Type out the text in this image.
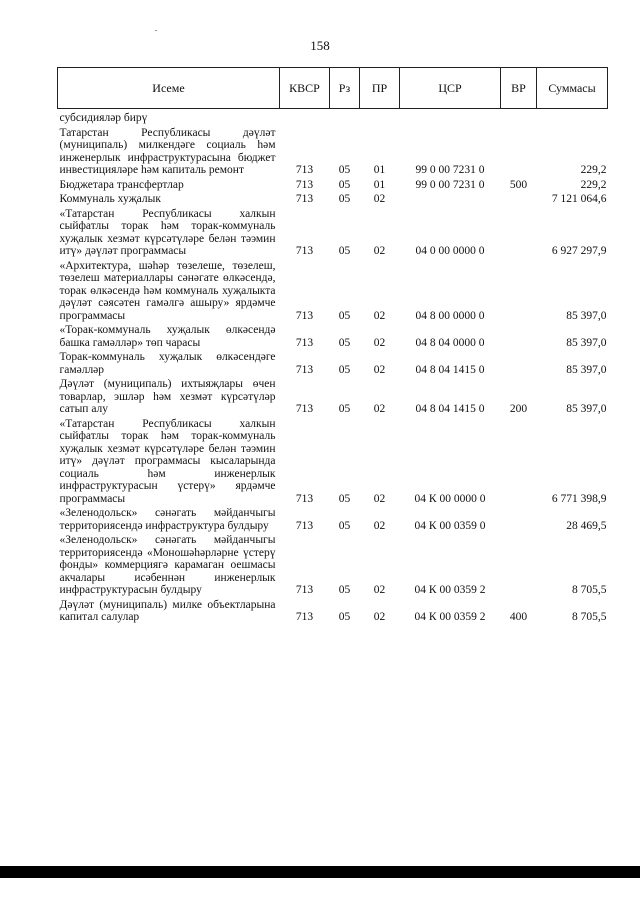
158
Исеме	КВСР	Рз	ПР	ЦСР	ВР	Суммасы
субсидияләр бирү						
Татарстан Республикасы дәүләт (муниципаль) милкендәге социаль һәм инженерлык инфраструктурасына бюджет инвестицияләре һәм капиталь ремонт	713	05	01	99 0 00 7231 0		229,2
Бюджетара трансфертлар	713	05	01	99 0 00 7231 0	500	229,2
Коммуналь хуҗалык	713	05	02			7 121 064,6
«Татарстан Республикасы халкын сыйфатлы торак һәм торак-коммуналь хуҗалык хезмәт күрсәтүләре белән тәэмин итү» дәүләт программасы	713	05	02	04 0 00 0000 0		6 927 297,9
«Архитектура, шәһәр төзелеше, төзелеш, төзелеш материаллары сәнәгате өлкәсендә, торак өлкәсендә һәм коммуналь хуҗалыкта дәүләт сәясәтен гамәлгә ашыру» ярдәмче программасы	713	05	02	04 8 00 0000 0		85 397,0
«Торак-коммуналь хуҗалык өлкәсендә башка гамәлләр» төп чарасы	713	05	02	04 8 04 0000 0		85 397,0
Торак-коммуналь хуҗалык өлкәсендәге гамәлләр	713	05	02	04 8 04 1415 0		85 397,0
Дәүләт (муниципаль) ихтыяҗлары өчен товарлар, эшләр һәм хезмәт күрсәтүләр сатып алу	713	05	02	04 8 04 1415 0	200	85 397,0
«Татарстан Республикасы халкын сыйфатлы торак һәм торак-коммуналь хуҗалык хезмәт күрсәтүләре белән тәэмин итү» дәүләт программасы кысаларында социаль һәм инженерлык инфраструктурасын үстерү» ярдәмче программасы	713	05	02	04 К 00 0000 0		6 771 398,9
«Зеленодольск» сәнәгать мәйданчыгы территориясендә инфраструктура булдыру	713	05	02	04 К 00 0359 0		28 469,5
«Зеленодольск» сәнәгать мәйданчыгы территориясендә «Моношәһәрләрне үстерү фонды» коммерциягә карамаган оешмасы акчалары исәбеннән инженерлык инфраструктурасын булдыру	713	05	02	04 К 00 0359 2		8 705,5
Дәүләт (муниципаль) милке объектларына капитал салулар	713	05	02	04 К 00 0359 2	400	8 705,5
